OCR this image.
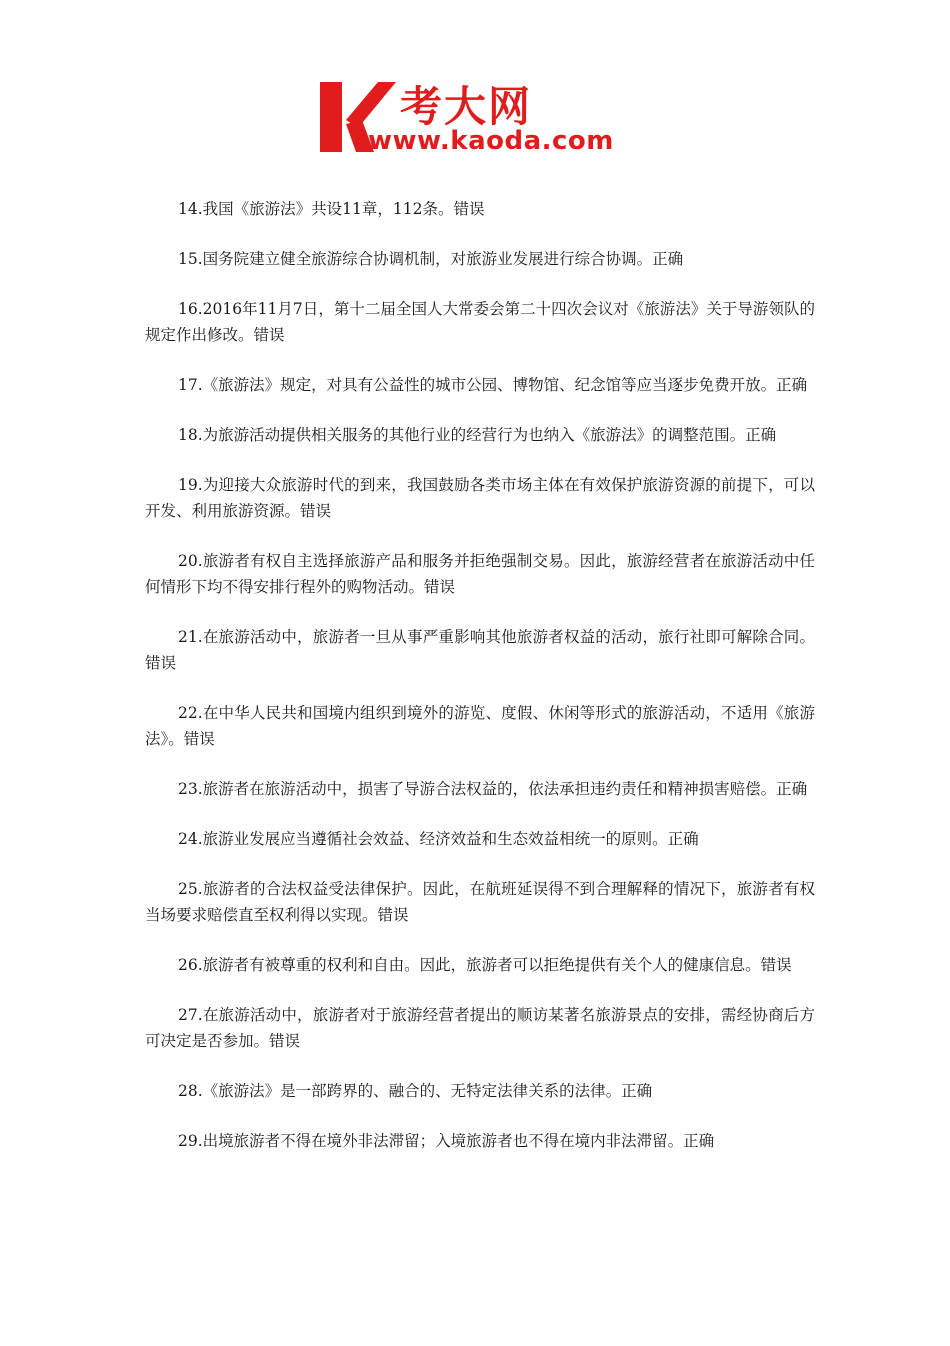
考大网
www.kaoda.com

14.我国《旅游法》共设11章，112条。错误

15.国务院建立健全旅游综合协调机制，对旅游业发展进行综合协调。正确

16.2016年11月7日，第十二届全国人大常委会第二十四次会议对《旅游法》关于导游领队的规定作出修改。错误

17.《旅游法》规定，对具有公益性的城市公园、博物馆、纪念馆等应当逐步免费开放。正确

18.为旅游活动提供相关服务的其他行业的经营行为也纳入《旅游法》的调整范围。正确

19.为迎接大众旅游时代的到来，我国鼓励各类市场主体在有效保护旅游资源的前提下，可以开发、利用旅游资源。错误

20.旅游者有权自主选择旅游产品和服务并拒绝强制交易。因此，旅游经营者在旅游活动中任何情形下均不得安排行程外的购物活动。错误

21.在旅游活动中，旅游者一旦从事严重影响其他旅游者权益的活动，旅行社即可解除合同。错误

22.在中华人民共和国境内组织到境外的游览、度假、休闲等形式的旅游活动，不适用《旅游法》。错误

23.旅游者在旅游活动中，损害了导游合法权益的，依法承担违约责任和精神损害赔偿。正确

24.旅游业发展应当遵循社会效益、经济效益和生态效益相统一的原则。正确

25.旅游者的合法权益受法律保护。因此，在航班延误得不到合理解释的情况下，旅游者有权当场要求赔偿直至权利得以实现。错误

26.旅游者有被尊重的权利和自由。因此，旅游者可以拒绝提供有关个人的健康信息。错误

27.在旅游活动中，旅游者对于旅游经营者提出的顺访某著名旅游景点的安排，需经协商后方可决定是否参加。错误

28.《旅游法》是一部跨界的、融合的、无特定法律关系的法律。正确

29.出境旅游者不得在境外非法滞留；入境旅游者也不得在境内非法滞留。正确
